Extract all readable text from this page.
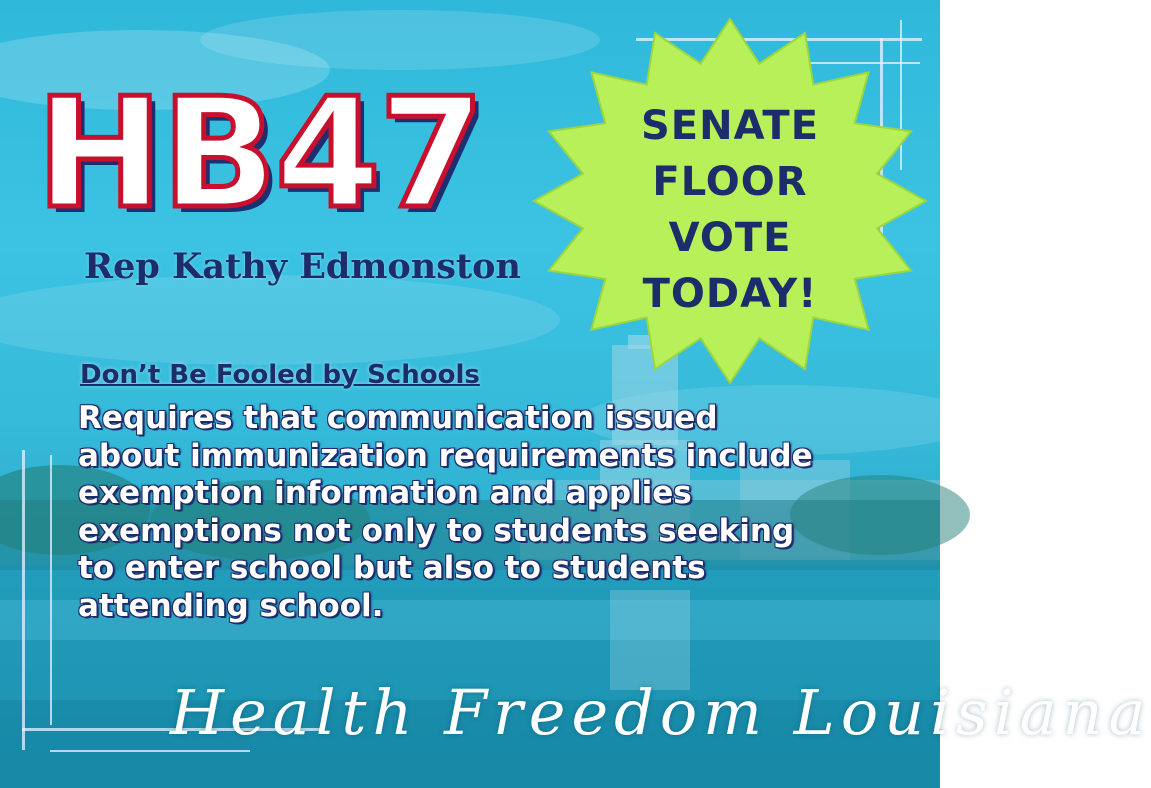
HB47
Rep Kathy Edmonston
SENATE
FLOOR
VOTE
TODAY!
Don’t Be Fooled by Schools
Requires that communication issued
about immunization requirements include
exemption information and applies
exemptions not only to students seeking
to enter school but also to students
attending school.
Health Freedom Louisiana
